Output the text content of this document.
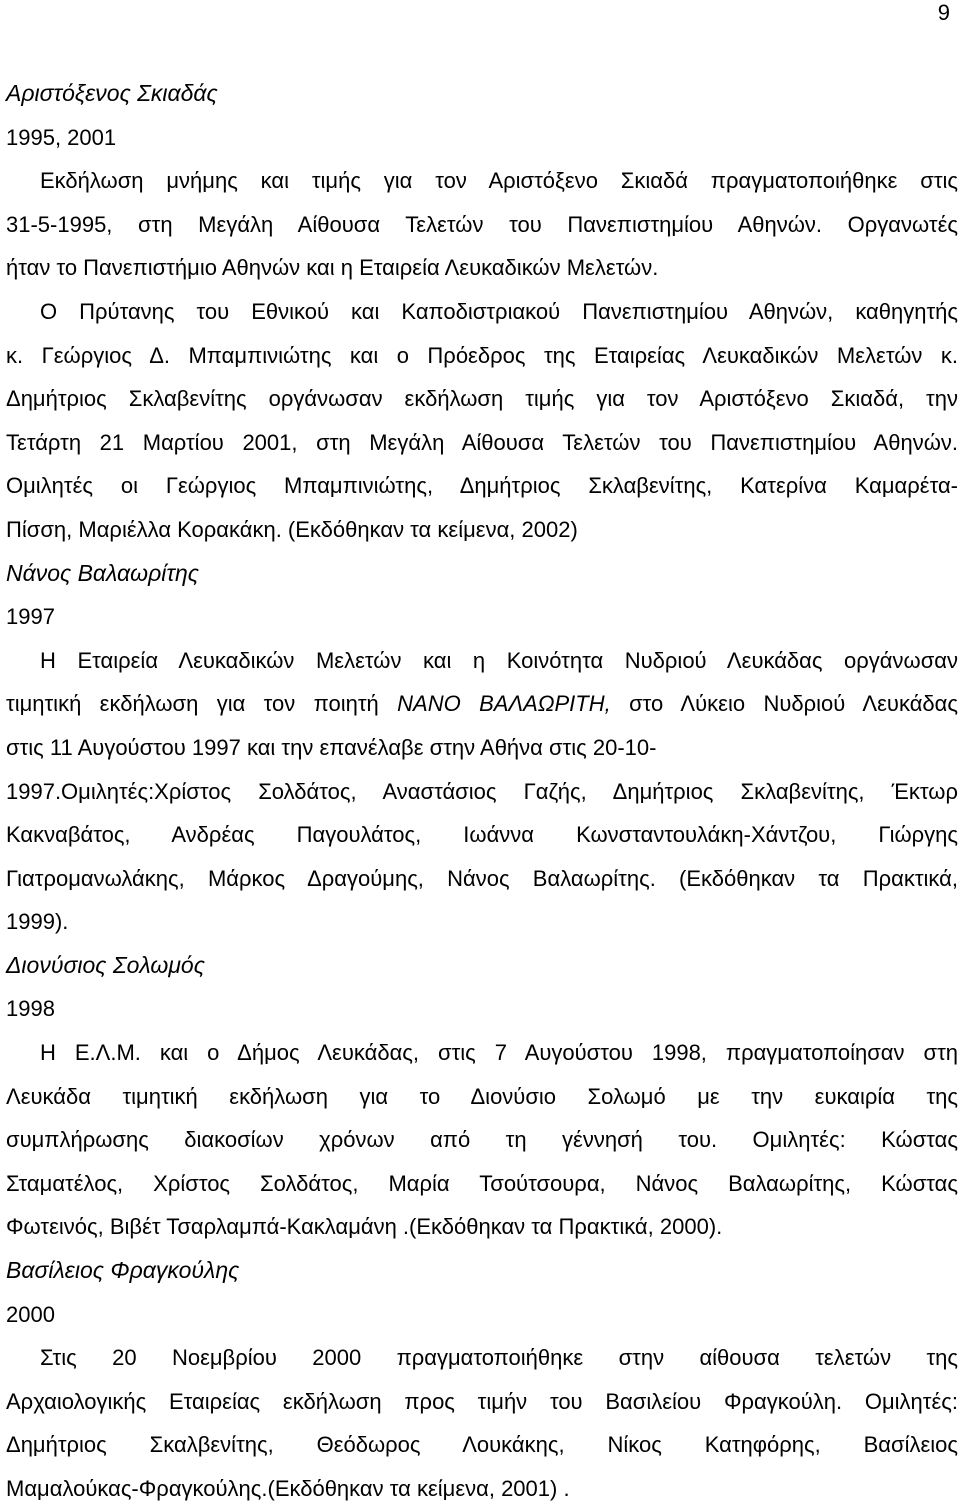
9
Αριστόξενος Σκιαδάς
1995, 2001
Εκδήλωση μνήμης και τιμής για τον Αριστόξενο Σκιαδά πραγματοποιήθηκε στις
31-5-1995, στη Μεγάλη Αίθουσα Τελετών του Πανεπιστημίου Αθηνών. Οργανωτές
ήταν το Πανεπιστήμιο Αθηνών και η Εταιρεία Λευκαδικών Μελετών.
Ο Πρύτανης του Εθνικού και Καποδιστριακού Πανεπιστημίου Αθηνών, καθηγητής
κ. Γεώργιος Δ. Μπαμπινιώτης και ο Πρόεδρος της Εταιρείας Λευκαδικών Μελετών κ.
Δημήτριος Σκλαβενίτης οργάνωσαν εκδήλωση τιμής για τον Αριστόξενο Σκιαδά, την
Τετάρτη 21 Μαρτίου 2001, στη Μεγάλη Αίθουσα Τελετών του Πανεπιστημίου Αθηνών.
Ομιλητές οι Γεώργιος Μπαμπινιώτης, Δημήτριος Σκλαβενίτης, Κατερίνα Καμαρέτα-
Πίσση, Μαριέλλα Κορακάκη. (Εκδόθηκαν τα κείμενα, 2002)
Νάνος Βαλαωρίτης
1997
Η Εταιρεία Λευκαδικών Μελετών και η Κοινότητα Νυδριού Λευκάδας οργάνωσαν
τιμητική εκδήλωση για τον ποιητή ΝΑΝΟ ΒΑΛΑΩΡΙΤΗ, στο Λύκειο Νυδριού Λευκάδας
στις 11 Αυγούστου 1997 και την επανέλαβε στην Αθήνα στις 20-10-
1997.Ομιλητές:Χρίστος Σολδάτος, Αναστάσιος Γαζής, Δημήτριος Σκλαβενίτης, Έκτωρ
Κακναβάτος, Ανδρέας Παγουλάτος, Ιωάννα Κωνσταντουλάκη-Χάντζου, Γιώργης
Γιατρομανωλάκης, Μάρκος Δραγούμης, Νάνος Βαλαωρίτης. (Εκδόθηκαν τα Πρακτικά,
1999).
Διονύσιος Σολωμός
1998
Η Ε.Λ.Μ. και ο Δήμος Λευκάδας, στις 7 Αυγούστου 1998, πραγματοποίησαν στη
Λευκάδα τιμητική εκδήλωση για το Διονύσιο Σολωμό με την ευκαιρία της
συμπλήρωσης διακοσίων χρόνων από τη γέννησή του. Ομιλητές: Κώστας
Σταματέλος, Χρίστος Σολδάτος, Μαρία Τσούτσουρα, Νάνος Βαλαωρίτης, Κώστας
Φωτεινός, Βιβέτ Τσαρλαμπά-Κακλαμάνη .(Εκδόθηκαν τα Πρακτικά, 2000).
Βασίλειος Φραγκούλης
2000
Στις 20 Νοεμβρίου 2000 πραγματοποιήθηκε στην αίθουσα τελετών της
Αρχαιολογικής Εταιρείας εκδήλωση προς τιμήν του Βασιλείου Φραγκούλη. Ομιλητές:
Δημήτριος Σκαλβενίτης, Θεόδωρος Λουκάκης, Νίκος Κατηφόρης, Βασίλειος
Μαμαλούκας-Φραγκούλης.(Εκδόθηκαν τα κείμενα, 2001) .
